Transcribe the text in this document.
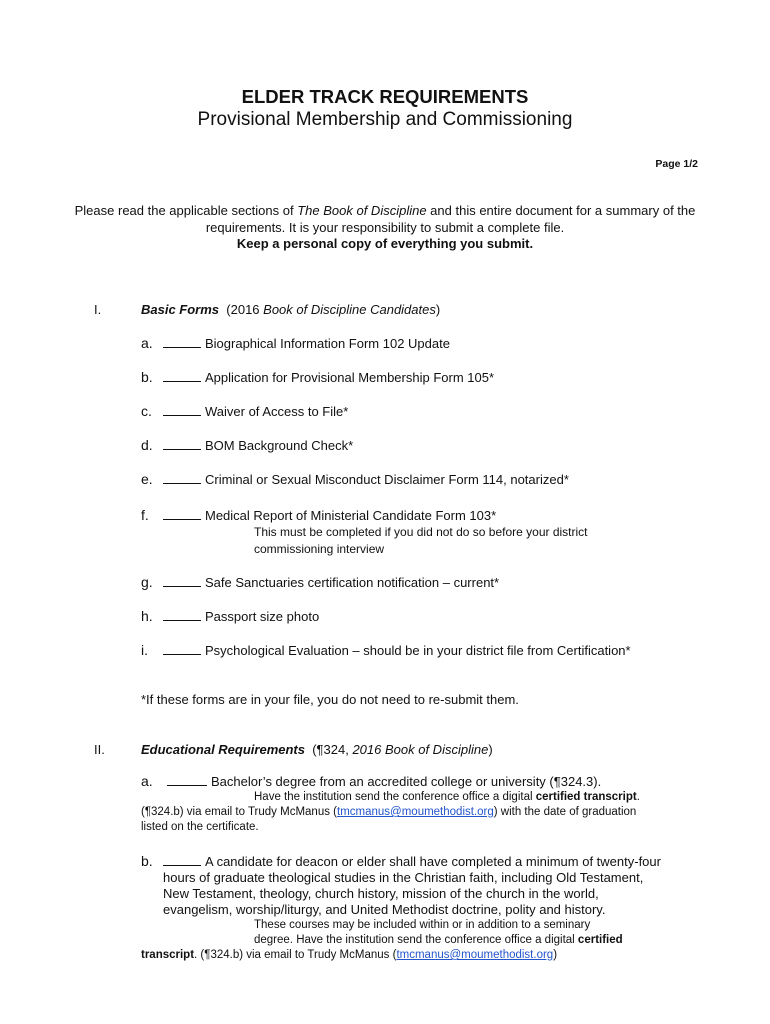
ELDER TRACK REQUIREMENTS
Provisional Membership and Commissioning
Page 1/2
Please read the applicable sections of The Book of Discipline and this entire document for a summary of the requirements. It is your responsibility to submit a complete file.
Keep a personal copy of everything you submit.
I.	Basic Forms (2016 Book of Discipline Candidates)
a.	Biographical Information Form 102 Update
b.	Application for Provisional Membership Form 105*
c.	Waiver of Access to File*
d.	BOM Background Check*
e.	Criminal or Sexual Misconduct Disclaimer Form 114, notarized*
f.	Medical Report of Ministerial Candidate Form 103*
This must be completed if you did not do so before your district
commissioning interview
g.	Safe Sanctuaries certification notification – current*
h.	Passport size photo
i.	Psychological Evaluation – should be in your district file from Certification*
*If these forms are in your file, you do not need to re-submit them.
II.	Educational Requirements (¶324, 2016 Book of Discipline)
a.	Bachelor’s degree from an accredited college or university (¶324.3).
Have the institution send the conference office a digital certified transcript.
(¶324.b) via email to Trudy McManus (tmcmanus@moumethodist.org) with the date of graduation
listed on the certificate.
b.	A candidate for deacon or elder shall have completed a minimum of twenty-four
hours of graduate theological studies in the Christian faith, including Old Testament,
New Testament, theology, church history, mission of the church in the world,
evangelism, worship/liturgy, and United Methodist doctrine, polity and history.
These courses may be included within or in addition to a seminary
degree. Have the institution send the conference office a digital certified
transcript. (¶324.b) via email to Trudy McManus (tmcmanus@moumethodist.org)
